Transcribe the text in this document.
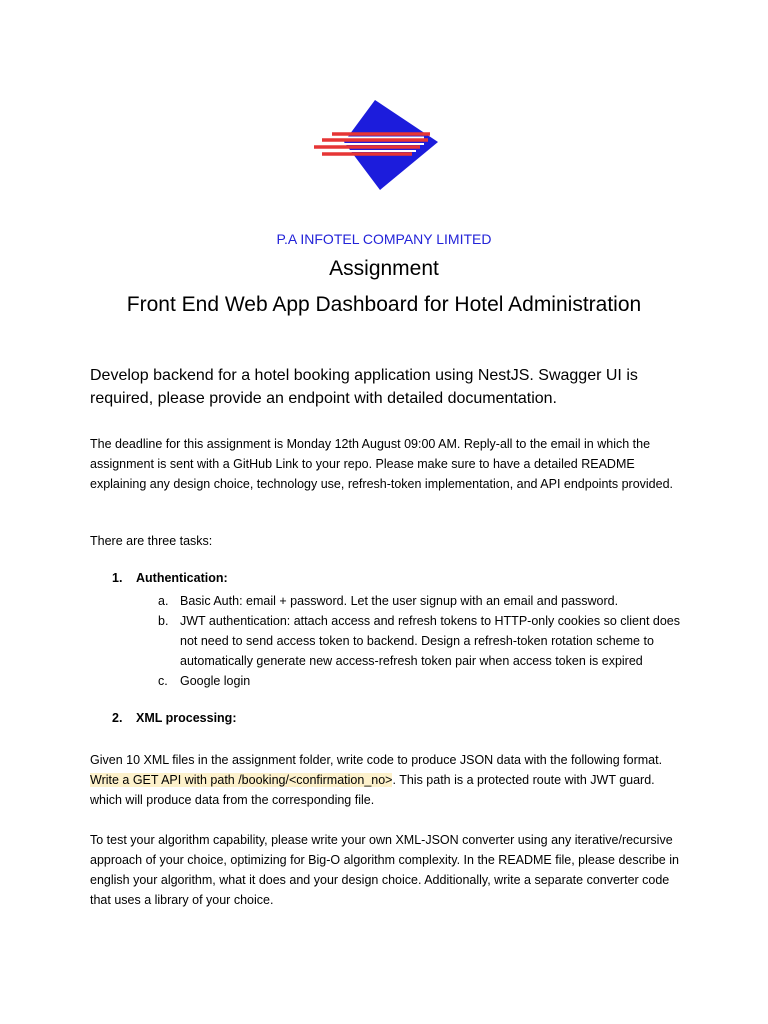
P.A INFOTEL COMPANY LIMITED
Assignment
Front End Web App Dashboard for Hotel Administration
Develop backend for a hotel booking application using NestJS. Swagger UI is required, please provide an endpoint with detailed documentation.
The deadline for this assignment is Monday 12th August 09:00 AM. Reply-all to the email in which the assignment is sent with a GitHub Link to your repo. Please make sure to have a detailed README explaining any design choice, technology use, refresh-token implementation, and API endpoints provided.
There are three tasks:
1. Authentication:
a. Basic Auth: email + password. Let the user signup with an email and password.
b. JWT authentication: attach access and refresh tokens to HTTP-only cookies so client does not need to send access token to backend. Design a refresh-token rotation scheme to automatically generate new access-refresh token pair when access token is expired
c. Google login
2. XML processing:
Given 10 XML files in the assignment folder, write code to produce JSON data with the following format. Write a GET API with path /booking/<confirmation_no>. This path is a protected route with JWT guard. which will produce data from the corresponding file.
To test your algorithm capability, please write your own XML-JSON converter using any iterative/recursive approach of your choice, optimizing for Big-O algorithm complexity. In the README file, please describe in english your algorithm, what it does and your design choice. Additionally, write a separate converter code that uses a library of your choice.
